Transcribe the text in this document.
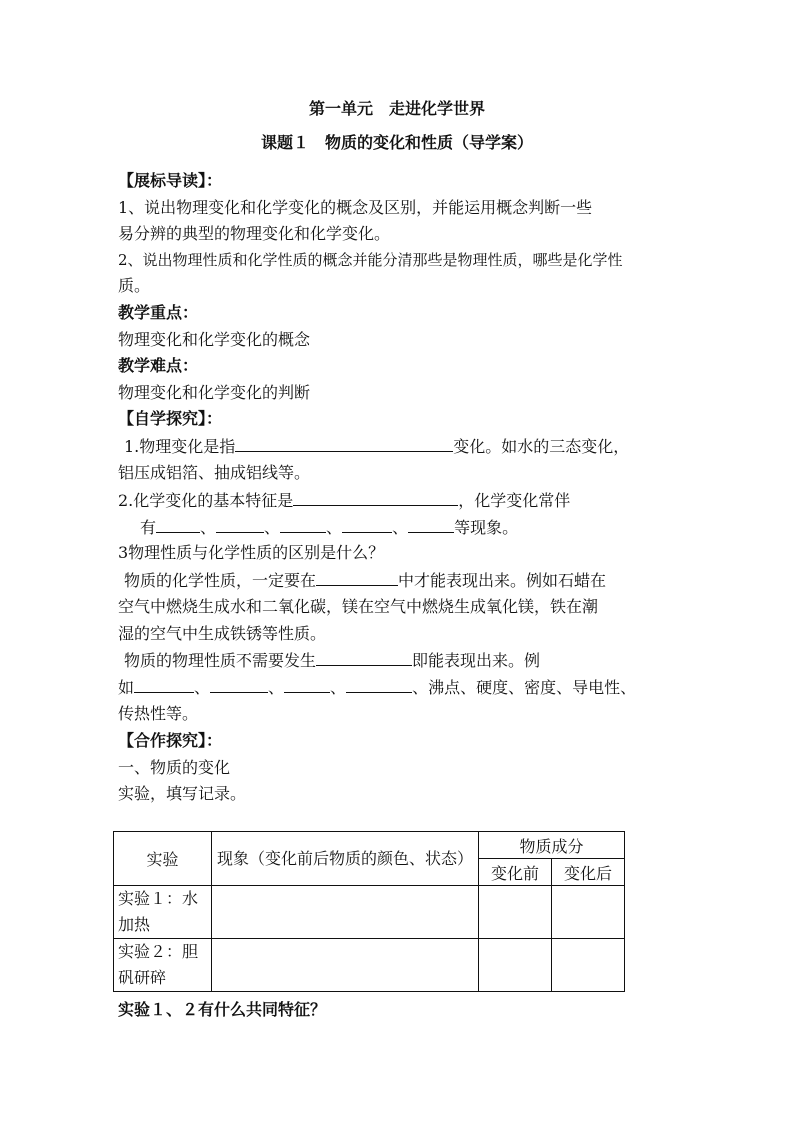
第一单元　走进化学世界
课题１　物质的变化和性质（导学案）
【展标导读】：
1、说出物理变化和化学变化的概念及区别，并能运用概念判断一些
易分辨的典型的物理变化和化学变化。
2、说出物理性质和化学性质的概念并能分清那些是物理性质，哪些是化学性
质。
教学重点：
物理变化和化学变化的概念
教学难点：
物理变化和化学变化的判断
【自学探究】：
1.物理变化是指	变化。如水的三态变化，
铝压成铝箔、抽成铝线等。
2.化学变化的基本特征是	，化学变化常伴
有	、	、	、	、	等现象。
3物理性质与化学性质的区别是什么？
物质的化学性质，一定要在	中才能表现出来。例如石蜡在
空气中燃烧生成水和二氧化碳，镁在空气中燃烧生成氧化镁，铁在潮
湿的空气中生成铁锈等性质。
物质的物理性质不需要发生	即能表现出来。例
如	、	、	、	、沸点、硬度、密度、导电性、
传热性等。
【合作探究】：
一、物质的变化
实验，填写记录。
实验	现象（变化前后物质的颜色、状态）	物质成分	
		变化前	变化后
实验１：水加热			
实验２：胆矾研碎			
实验１、２有什么共同特征？
